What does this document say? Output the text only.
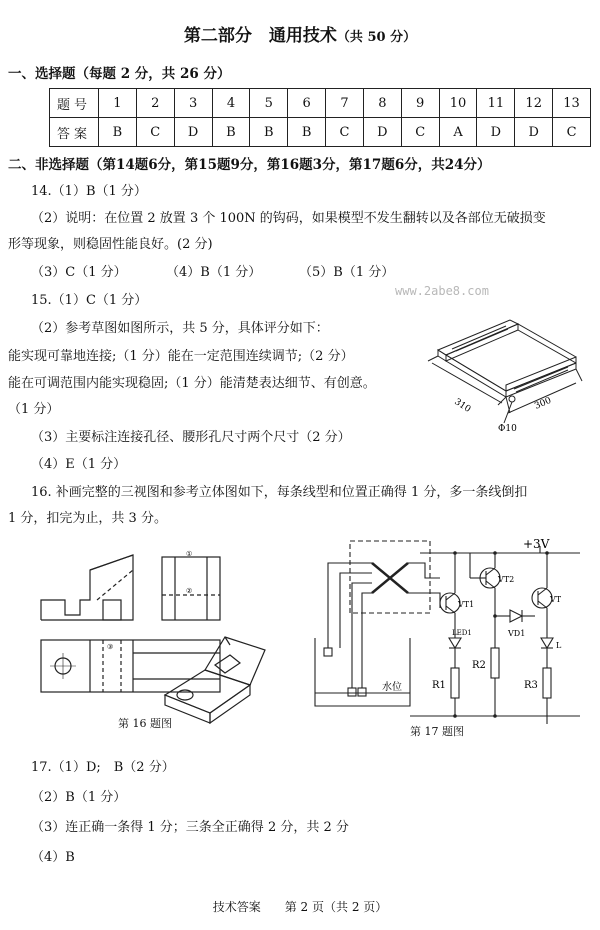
第二部分　通用技术（共 50 分）
一、选择题（每题 2 分，共 26 分）
题号	1	2	3	4	5	6	7	8	9	10	11	12	13
答案	B	C	D	B	B	B	C	D	C	A	D	D	C
二、非选择题（第14题6分，第15题9分，第16题3分，第17题6分，共24分）
14.（1）B（1 分）
（2）说明：在位置 2 放置 3 个 100N 的钩码，如果模型不发生翻转以及各部位无破损变
形等现象，则稳固性能良好。(2 分)
（3）C（1 分）	（4）B（1 分）	（5）B（1 分）
www.2abe8.com
15.（1）C（1 分）
（2）参考草图如图所示，共 5 分，具体评分如下：
能实现可靠地连接;（1 分）能在一定范围连续调节;（2 分）
能在可调范围内能实现稳固;（1 分）能清楚表达细节、有创意。
（1 分）
（3）主要标注连接孔径、腰形孔尺寸两个尺寸（2 分）
（4）E（1 分）
16. 补画完整的三视图和参考立体图如下，每条线型和位置正确得 1 分，多一条线倒扣
1 分，扣完为止，共 3 分。
310	300
Φ10
①
②
③
第 16 题图
+3V
VT1
VT2
VT
LED1	VD1
L
R1
R2
R3
水位
第 17 题图
17.（1）D;　B（2 分）
（2）B（1 分）
（3）连正确一条得 1 分；三条全正确得 2 分，共 2 分
（4）B
技术答案　　第 2 页（共 2 页）
